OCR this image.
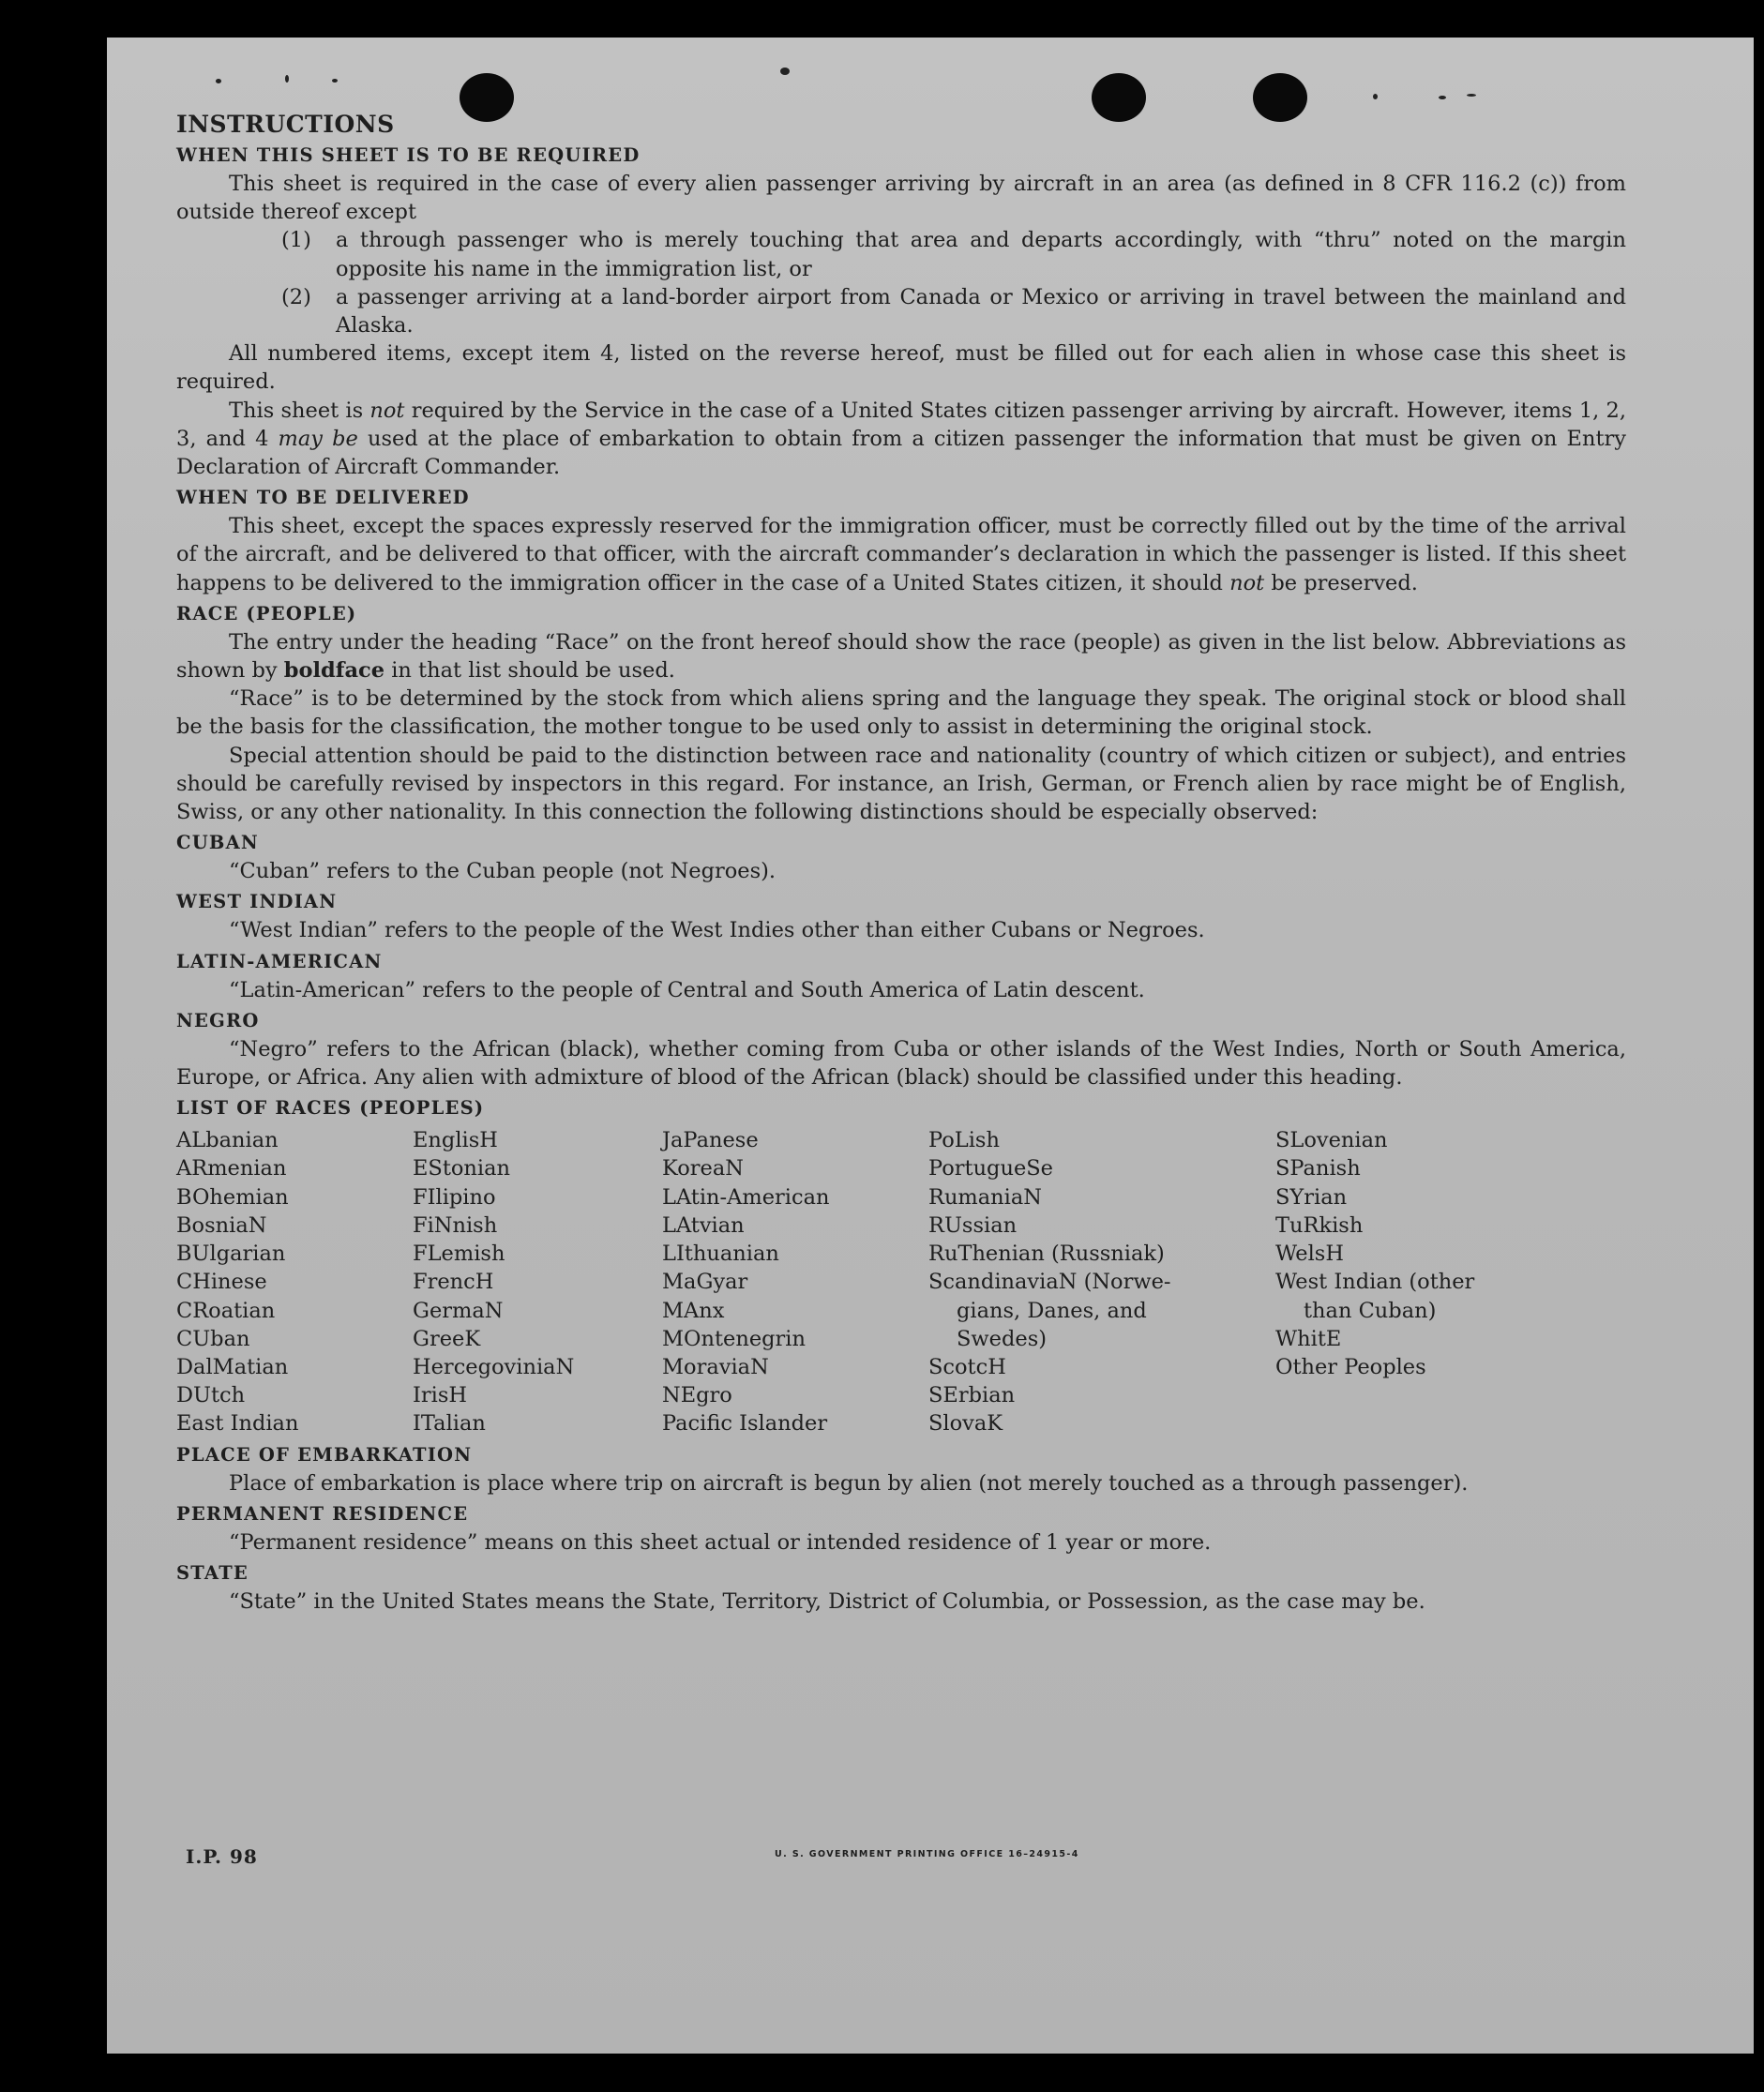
INSTRUCTIONS

WHEN THIS SHEET IS TO BE REQUIRED

This sheet is required in the case of every alien passenger arriving by aircraft in an area (as defined in 8 CFR 116.2 (c)) from outside thereof except

(1)	a through passenger who is merely touching that area and departs accordingly, with “thru” noted on the margin opposite his name in the immigration list, or
(2)	a passenger arriving at a land-border airport from Canada or Mexico or arriving in travel between the mainland and Alaska.

All numbered items, except item 4, listed on the reverse hereof, must be filled out for each alien in whose case this sheet is required.

This sheet is not required by the Service in the case of a United States citizen passenger arriving by aircraft. However, items 1, 2, 3, and 4 may be used at the place of embarkation to obtain from a citizen passenger the information that must be given on Entry Declaration of Aircraft Commander.

WHEN TO BE DELIVERED

This sheet, except the spaces expressly reserved for the immigration officer, must be correctly filled out by the time of the arrival of the aircraft, and be delivered to that officer, with the aircraft commander’s declaration in which the passenger is listed. If this sheet happens to be delivered to the immigration officer in the case of a United States citizen, it should not be preserved.

RACE (PEOPLE)

The entry under the heading “Race” on the front hereof should show the race (people) as given in the list below. Abbreviations as shown by boldface in that list should be used.

“Race” is to be determined by the stock from which aliens spring and the language they speak. The original stock or blood shall be the basis for the classification, the mother tongue to be used only to assist in determining the original stock.

Special attention should be paid to the distinction between race and nationality (country of which citizen or subject), and entries should be carefully revised by inspectors in this regard. For instance, an Irish, German, or French alien by race might be of English, Swiss, or any other nationality. In this connection the following distinctions should be especially observed:

CUBAN

“Cuban” refers to the Cuban people (not Negroes).

WEST INDIAN

“West Indian” refers to the people of the West Indies other than either Cubans or Negroes.

LATIN-AMERICAN

“Latin-American” refers to the people of Central and South America of Latin descent.

NEGRO

“Negro” refers to the African (black), whether coming from Cuba or other islands of the West Indies, North or South America, Europe, or Africa. Any alien with admixture of blood of the African (black) should be classified under this heading.

LIST OF RACES (PEOPLES)

ALbanian
ARmenian
BOhemian
BosniaN
BUlgarian
CHinese
CRoatian
CUban
DalMatian
DUtch
East Indian
EnglisH
EStonian
FIlipino
FiNnish
FLemish
FrencH
GermaN
GreeK
HercegoviniaN
IrisH
ITalian
JaPanese
KoreaN
LAtin-American
LAtvian
LIthuanian
MaGyar
MAnx
MOntenegrin
MoraviaN
NEgro
Pacific Islander
PoLish
PortugueSe
RumaniaN
RUssian
RuThenian (Russniak)
ScandinaviaN (Norwe-
gians, Danes, and
Swedes)
ScotcH
SErbian
SlovaK
SLovenian
SPanish
SYrian
TuRkish
WelsH
West Indian (other
than Cuban)
WhitE
Other Peoples

PLACE OF EMBARKATION

Place of embarkation is place where trip on aircraft is begun by alien (not merely touched as a through passenger).

PERMANENT RESIDENCE

“Permanent residence” means on this sheet actual or intended residence of 1 year or more.

STATE

“State” in the United States means the State, Territory, District of Columbia, or Possession, as the case may be.

I.P. 98	U. S. GOVERNMENT PRINTING OFFICE 16–24915-4
